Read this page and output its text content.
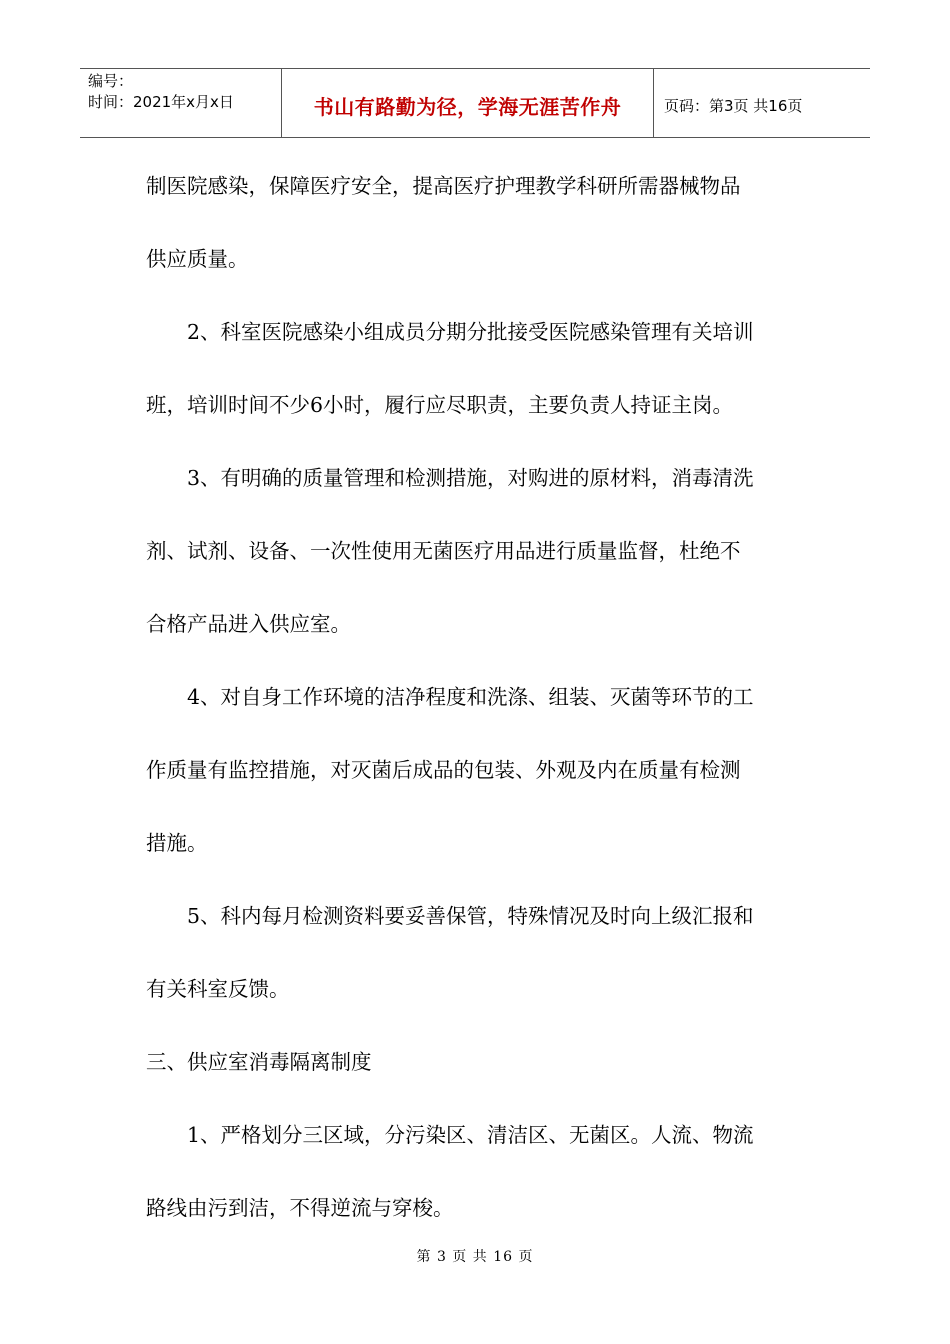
编号：
时间：2021年x月x日	书山有路勤为径，学海无涯苦作舟	页码：第3页 共16页

制医院感染，保障医疗安全，提高医疗护理教学科研所需器械物品

供应质量。

2、科室医院感染小组成员分期分批接受医院感染管理有关培训

班，培训时间不少6小时，履行应尽职责，主要负责人持证主岗。

3、有明确的质量管理和检测措施，对购进的原材料，消毒清洗

剂、试剂、设备、一次性使用无菌医疗用品进行质量监督，杜绝不

合格产品进入供应室。

4、对自身工作环境的洁净程度和洗涤、组装、灭菌等环节的工

作质量有监控措施，对灭菌后成品的包装、外观及内在质量有检测

措施。

5、科内每月检测资料要妥善保管，特殊情况及时向上级汇报和

有关科室反馈。

三、供应室消毒隔离制度

1、严格划分三区域，分污染区、清洁区、无菌区。人流、物流

路线由污到洁，不得逆流与穿梭。

第 3 页 共 16 页
